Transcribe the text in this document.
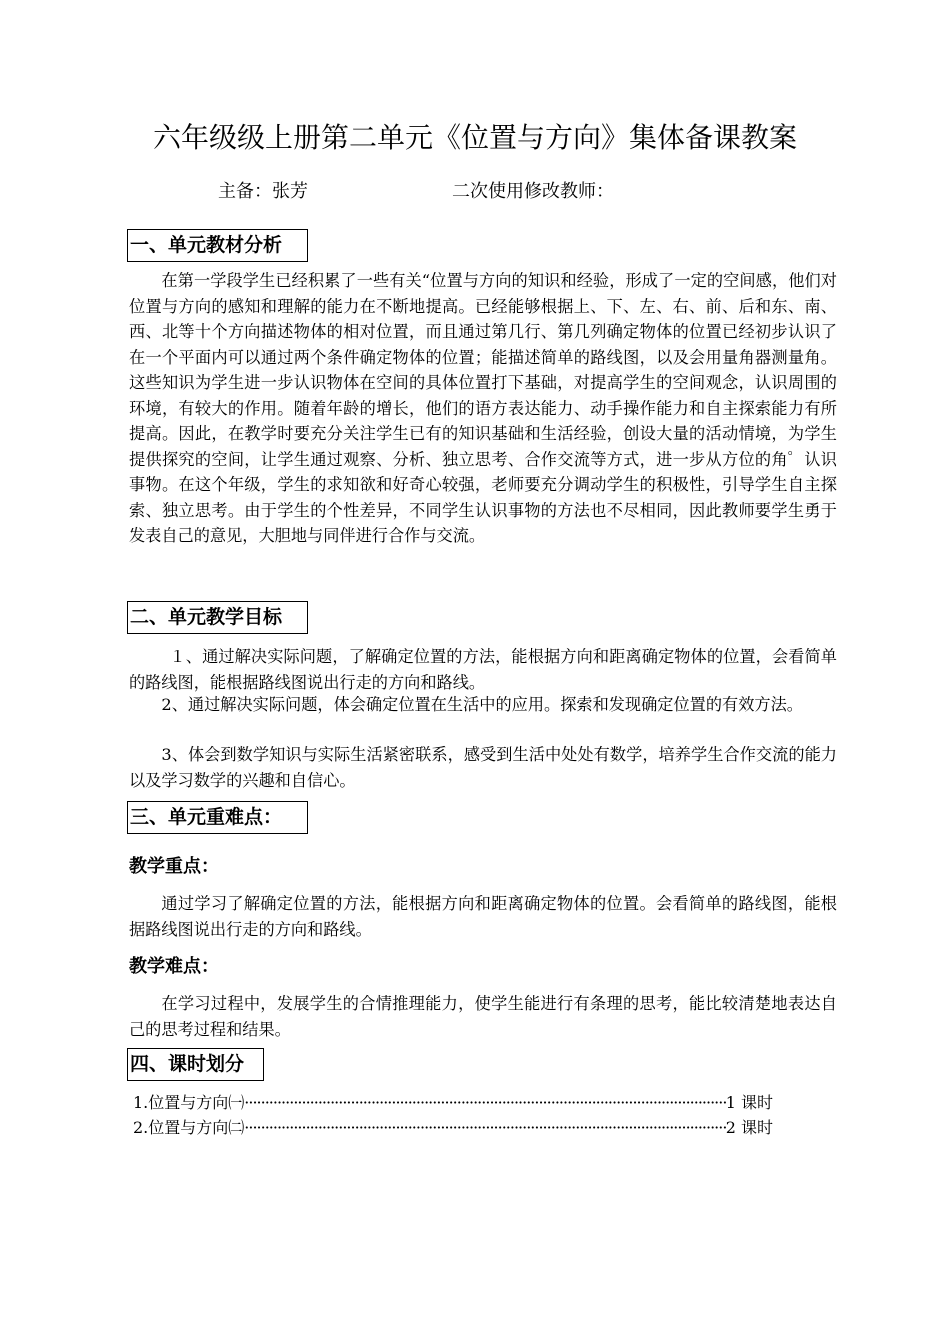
六年级级上册第二单元《位置与方向》集体备课教案
主备：张芳	二次使用修改教师：
一、单元教材分析
在第一学段学生已经积累了一些有关“位置与方向的知识和经验，形成了一定的空间感，他们对位置与方向的感知和理解的能力在不断地提高。已经能够根据上、下、左、右、前、后和东、南、西、北等十个方向描述物体的相对位置，而且通过第几行、第几列确定物体的位置已经初步认识了在一个平面内可以通过两个条件确定物体的位置；能描述简单的路线图，以及会用量角器测量角。这些知识为学生进一步认识物体在空间的具体位置打下基础，对提高学生的空间观念，认识周围的环境，有较大的作用。随着年龄的增长，他们的语方表达能力、动手操作能力和自主探索能力有所提高。因此，在教学时要充分关注学生已有的知识基础和生活经验，创设大量的活动情境，为学生提供探究的空间，让学生通过观察、分析、独立思考、合作交流等方式，进一步从方位的角゜认识事物。在这个年级，学生的求知欲和好奇心较强，老师要充分调动学生的积极性，引导学生自主探索、独立思考。由于学生的个性差异，不同学生认识事物的方法也不尽相同，因此教师要学生勇于发表自己的意见，大胆地与同伴进行合作与交流。
二、单元教学目标
１、通过解决实际问题，了解确定位置的方法，能根据方向和距离确定物体的位置，会看简单的路线图，能根据路线图说出行走的方向和路线。
2、通过解决实际问题，体会确定位置在生活中的应用。探索和发现确定位置的有效方法。
3、体会到数学知识与实际生活紧密联系，感受到生活中处处有数学，培养学生合作交流的能力以及学习数学的兴趣和自信心。
三、单元重难点：
教学重点：
通过学习了解确定位置的方法，能根据方向和距离确定物体的位置。会看简单的路线图，能根据路线图说出行走的方向和路线。
教学难点：
在学习过程中，发展学生的合情推理能力，使学生能进行有条理的思考，能比较清楚地表达自己的思考过程和结果。
四、课时划分
1.位置与方向㈠ ·····	1 课时
2.位置与方向㈡ ·····	2 课时
